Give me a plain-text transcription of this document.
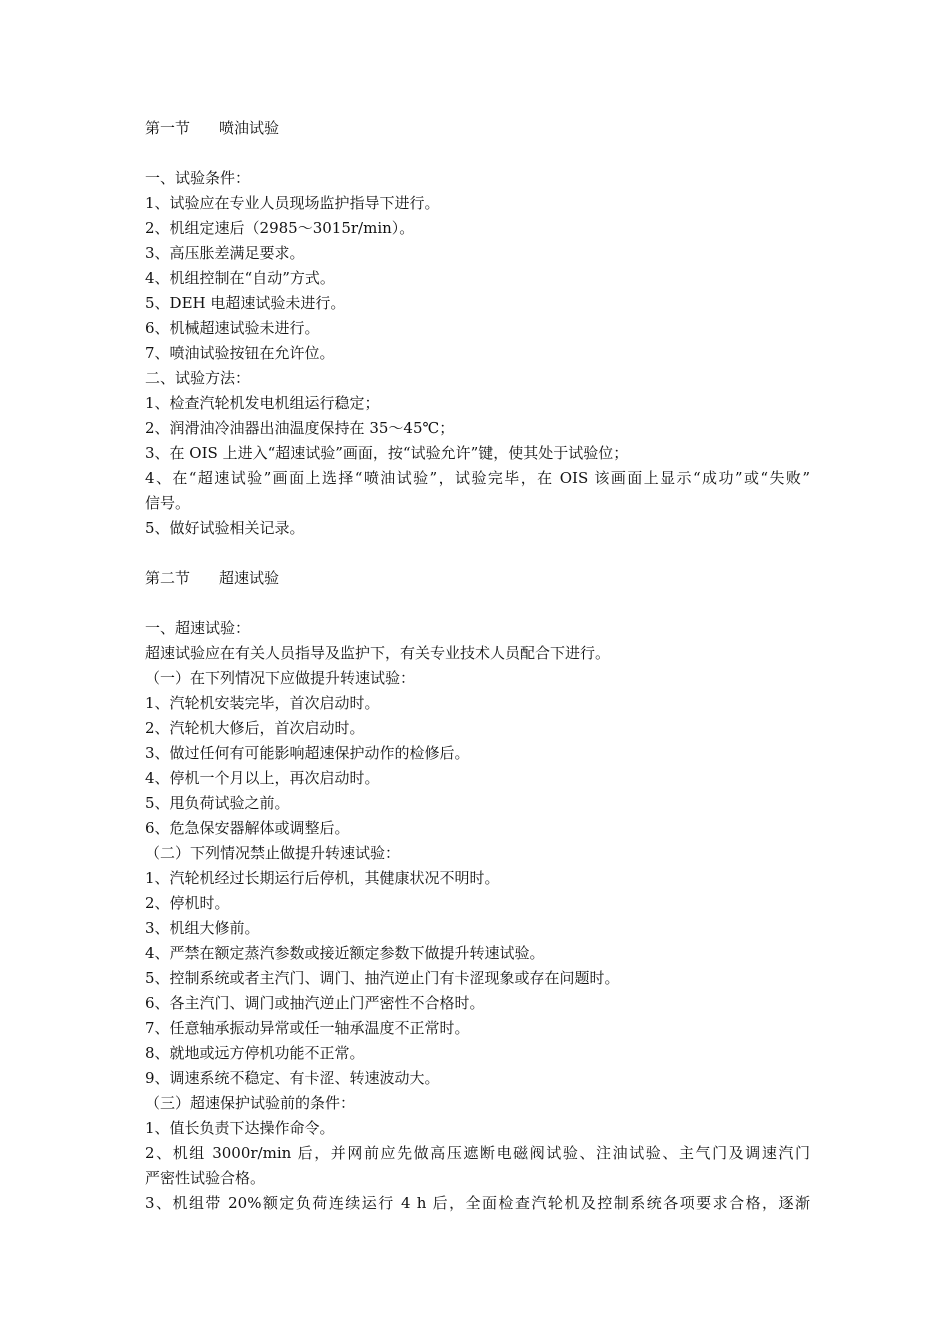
第一节 喷油试验
一、试验条件：
1、试验应在专业人员现场监护指导下进行。
2、机组定速后（2985～3015r/min）。
3、高压胀差满足要求。
4、机组控制在“自动”方式。
5、DEH 电超速试验未进行。
6、机械超速试验未进行。
7、喷油试验按钮在允许位。
二、试验方法：
1、检查汽轮机发电机组运行稳定；
2、润滑油冷油器出油温度保持在 35～45℃；
3、在 OIS 上进入“超速试验”画面，按“试验允许”键，使其处于试验位；
4、在“超速试验”画面上选择“喷油试验”，试验完毕，在 OIS 该画面上显示“成功”或“失败”
信号。
5、做好试验相关记录。
第二节 超速试验
一、超速试验：
超速试验应在有关人员指导及监护下，有关专业技术人员配合下进行。
（一）在下列情况下应做提升转速试验：
1、汽轮机安装完毕，首次启动时。
2、汽轮机大修后，首次启动时。
3、做过任何有可能影响超速保护动作的检修后。
4、停机一个月以上，再次启动时。
5、甩负荷试验之前。
6、危急保安器解体或调整后。
（二）下列情况禁止做提升转速试验：
1、汽轮机经过长期运行后停机，其健康状况不明时。
2、停机时。
3、机组大修前。
4、严禁在额定蒸汽参数或接近额定参数下做提升转速试验。
5、控制系统或者主汽门、调门、抽汽逆止门有卡涩现象或存在问题时。
6、各主汽门、调门或抽汽逆止门严密性不合格时。
7、任意轴承振动异常或任一轴承温度不正常时。
8、就地或远方停机功能不正常。
9、调速系统不稳定、有卡涩、转速波动大。
（三）超速保护试验前的条件：
1、值长负责下达操作命令。
2、机组 3000r/min 后，并网前应先做高压遮断电磁阀试验、注油试验、主气门及调速汽门
严密性试验合格。
3、机组带 20%额定负荷连续运行 4 h 后，全面检查汽轮机及控制系统各项要求合格，逐渐
